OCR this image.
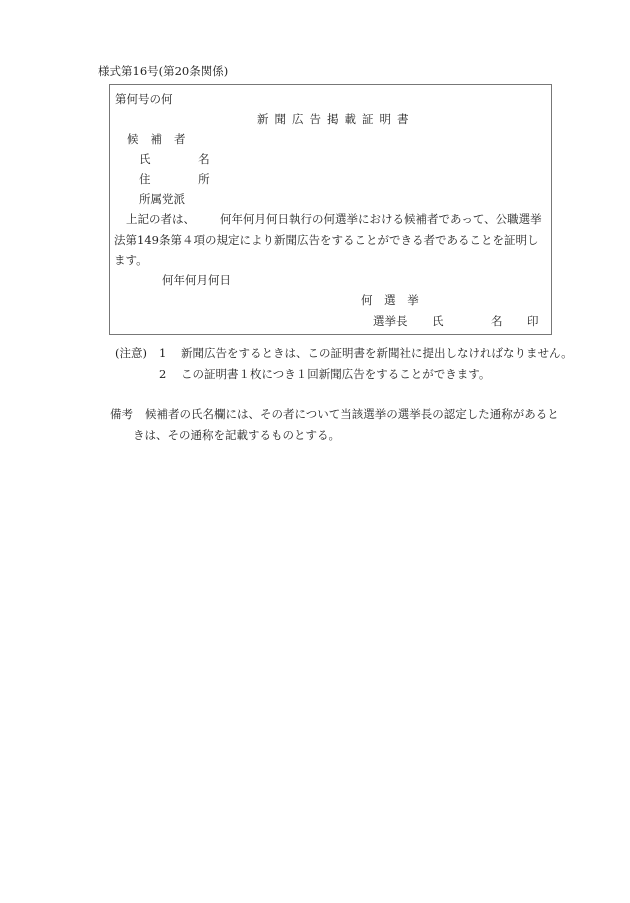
様式第16号(第20条関係)
第何号の何
新聞広告掲載証明書
候補者
氏 名
住 所
所属党派
上記の者は、 何年何月何日執行の何選挙における候補者であって、公職選挙
法第149条第４項の規定により新聞広告をすることができる者であることを証明し
ます。
何年何月何日
何 選 挙
選挙長 氏	名 印
(注意) 1 新聞広告をするときは、この証明書を新聞社に提出しなければなりません。
2 この証明書１枚につき１回新聞広告をすることができます。
備考 候補者の氏名欄には、その者について当該選挙の選挙長の認定した通称があると
きは、その通称を記載するものとする。
